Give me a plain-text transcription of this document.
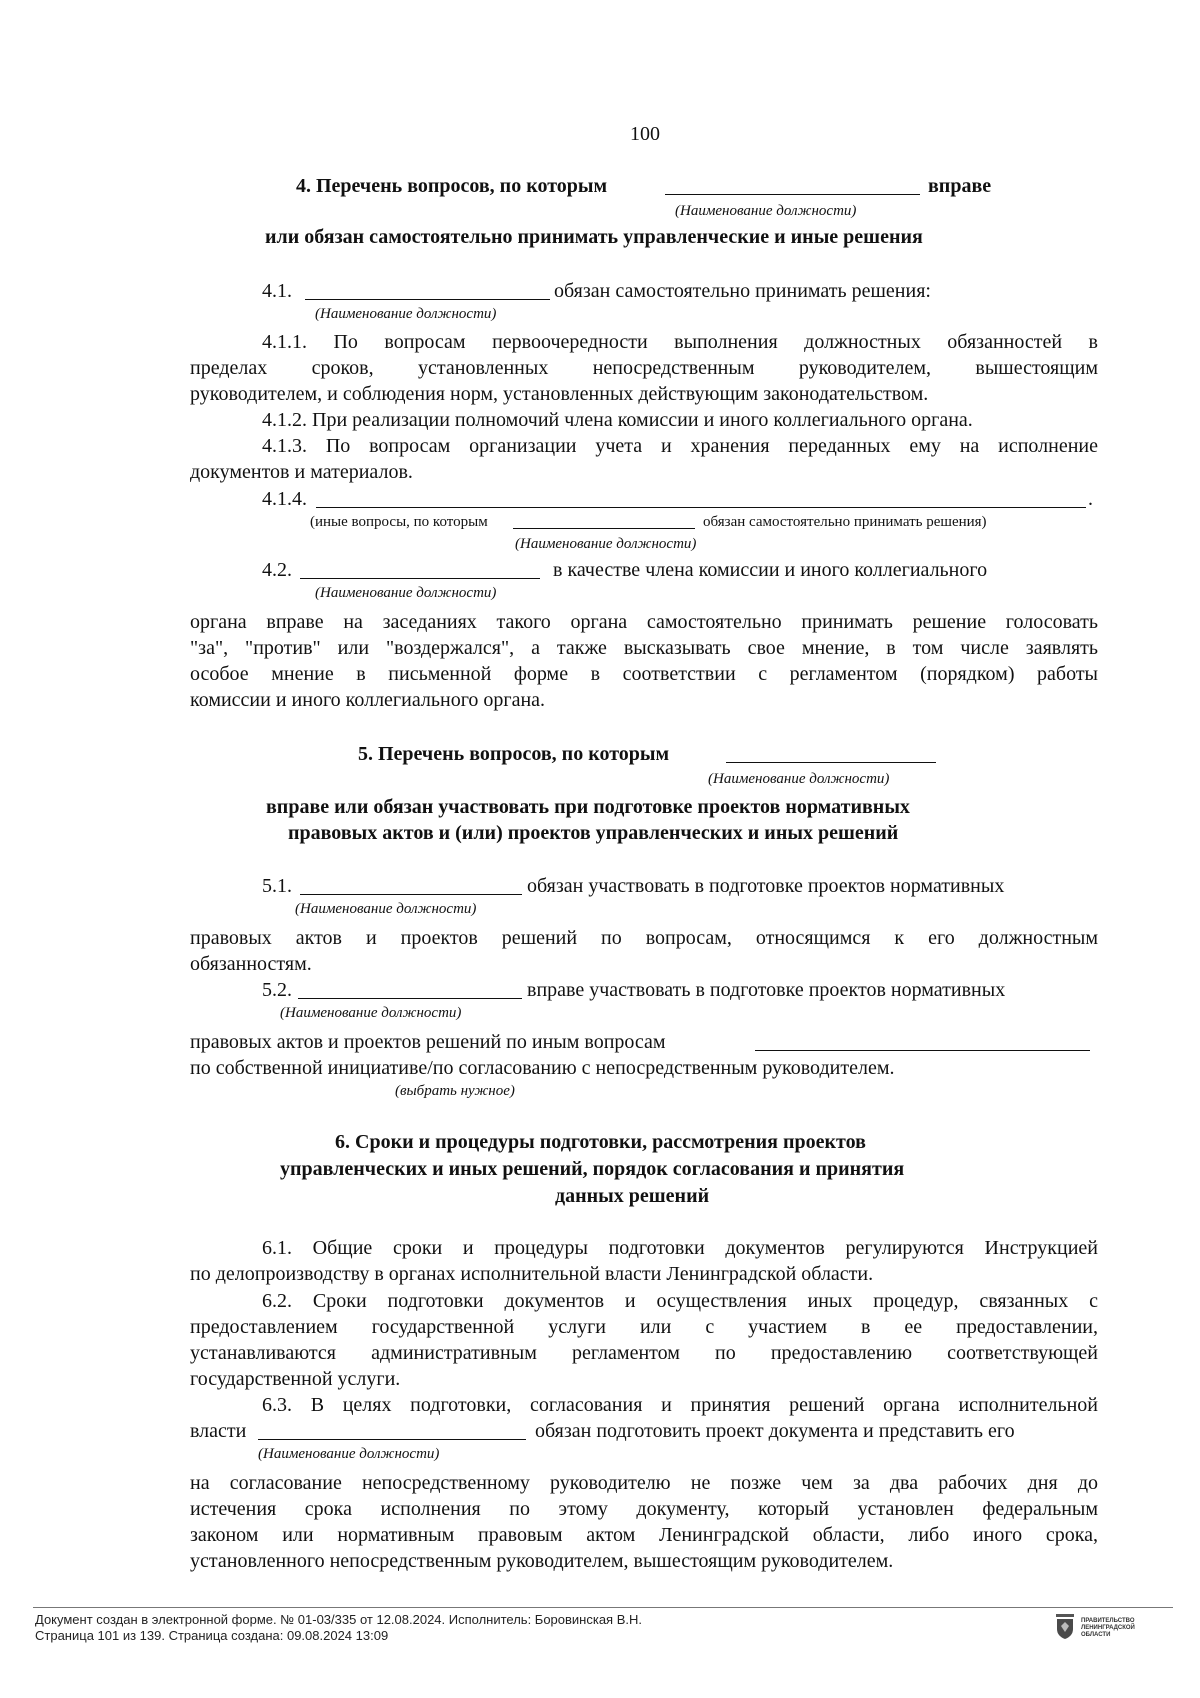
100
4. Перечень вопросов, по которым	вправе
(Наименование должности)
или обязан самостоятельно принимать управленческие и иные решения
4.1.	обязан самостоятельно принимать решения:
(Наименование должности)
4.1.1. По вопросам первоочередности выполнения должностных обязанностей в
пределах сроков, установленных непосредственным руководителем, вышестоящим
руководителем, и соблюдения норм, установленных действующим законодательством.
4.1.2. При реализации полномочий члена комиссии и иного коллегиального органа.
4.1.3. По вопросам организации учета и хранения переданных ему на исполнение
документов и материалов.
4.1.4.	.
(иные вопросы, по которым	обязан самостоятельно принимать решения)
(Наименование должности)
4.2.	в качестве члена комиссии и иного коллегиального
(Наименование должности)
органа вправе на заседаниях такого органа самостоятельно принимать решение голосовать
"за", "против" или "воздержался", а также высказывать свое мнение, в том числе заявлять
особое мнение в письменной форме в соответствии с регламентом (порядком) работы
комиссии и иного коллегиального органа.
5. Перечень вопросов, по которым
(Наименование должности)
вправе или обязан участвовать при подготовке проектов нормативных
правовых актов и (или) проектов управленческих и иных решений
5.1.	обязан участвовать в подготовке проектов нормативных
(Наименование должности)
правовых актов и проектов решений по вопросам, относящимся к его должностным
обязанностям.
5.2.	вправе участвовать в подготовке проектов нормативных
(Наименование должности)
правовых актов и проектов решений по иным вопросам
по собственной инициативе/по согласованию с непосредственным руководителем.
(выбрать нужное)
6. Сроки и процедуры подготовки, рассмотрения проектов
управленческих и иных решений, порядок согласования и принятия
данных решений
6.1. Общие сроки и процедуры подготовки документов регулируются Инструкцией
по делопроизводству в органах исполнительной власти Ленинградской области.
6.2. Сроки подготовки документов и осуществления иных процедур, связанных с
предоставлением государственной услуги или с участием в ее предоставлении,
устанавливаются административным регламентом по предоставлению соответствующей
государственной услуги.
6.3. В целях подготовки, согласования и принятия решений органа исполнительной
власти	обязан подготовить проект документа и представить его
(Наименование должности)
на согласование непосредственному руководителю не позже чем за два рабочих дня до
истечения срока исполнения по этому документу, который установлен федеральным
законом или нормативным правовым актом Ленинградской области, либо иного срока,
установленного непосредственным руководителем, вышестоящим руководителем.
Документ создан в электронной форме. № 01-03/335 от 12.08.2024. Исполнитель: Боровинская В.Н.
Страница 101 из 139. Страница создана: 09.08.2024 13:09
ПРАВИТЕЛЬСТВО
ЛЕНИНГРАДСКОЙ
ОБЛАСТИ
